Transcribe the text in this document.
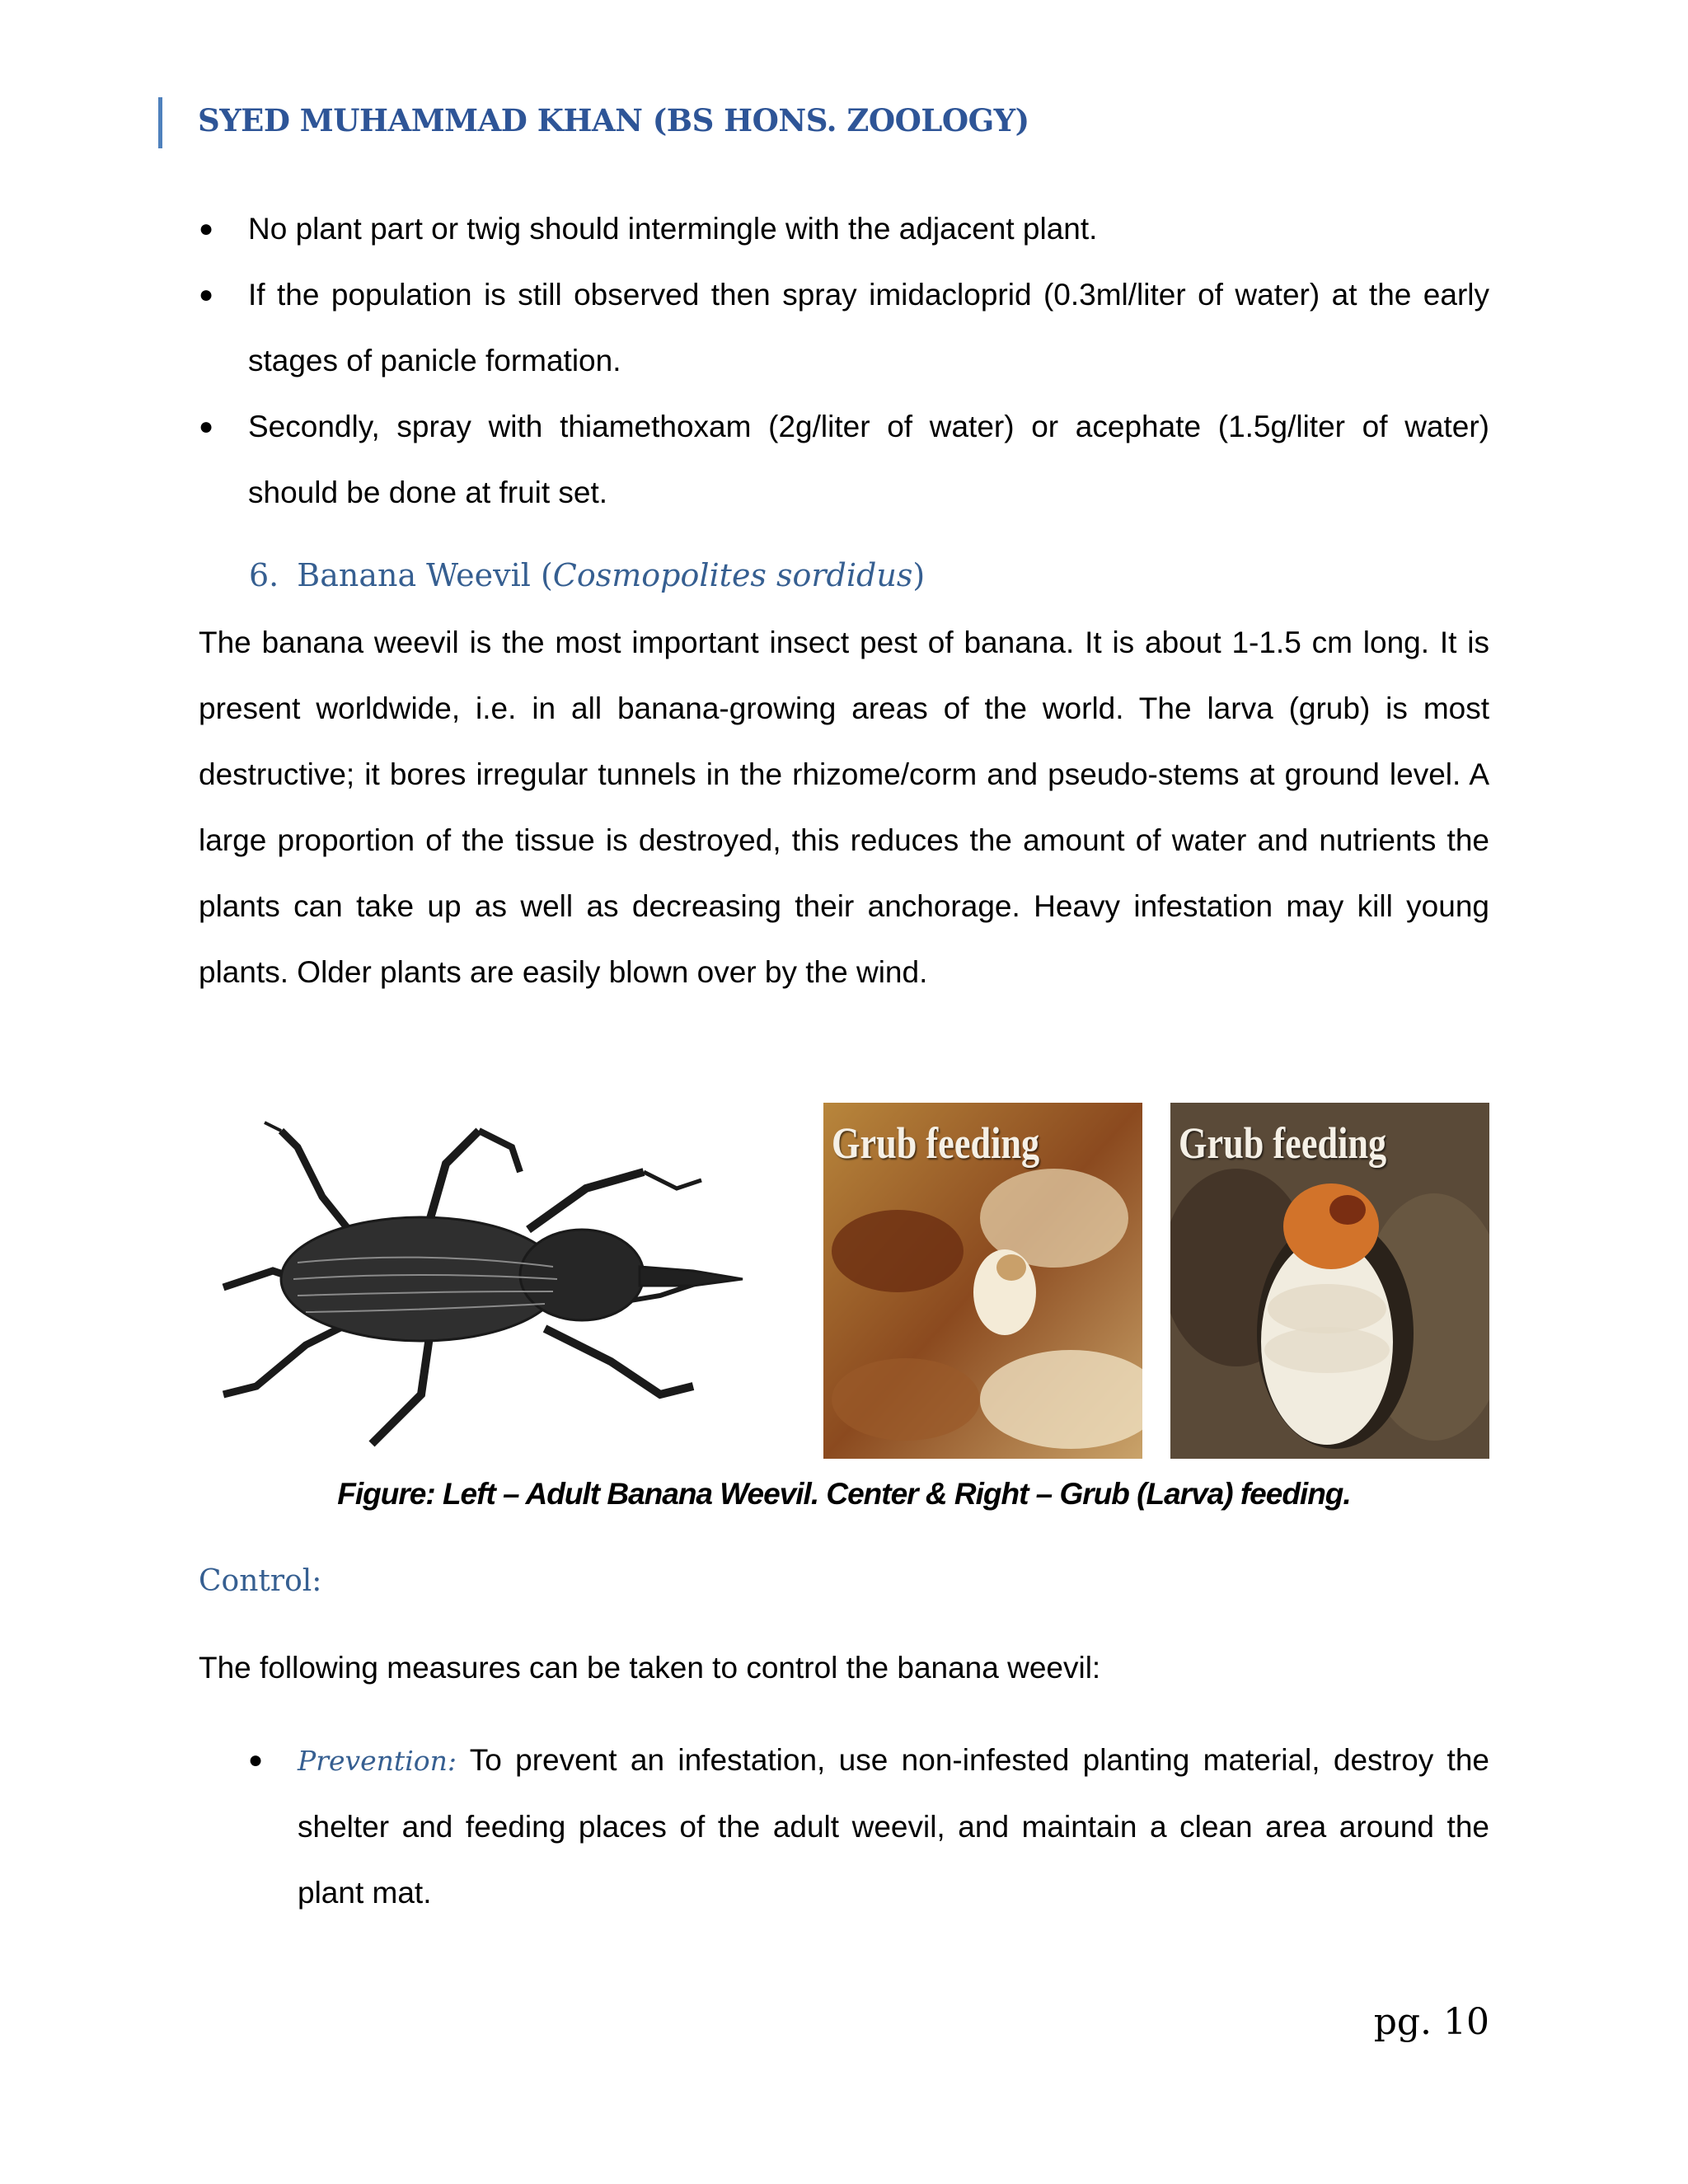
SYED MUHAMMAD KHAN (BS HONS. ZOOLOGY)
● No plant part or twig should intermingle with the adjacent plant.
● If the population is still observed then spray imidacloprid (0.3ml/liter of water) at the early stages of panicle formation.
● Secondly, spray with thiamethoxam (2g/liter of water) or acephate (1.5g/liter of water) should be done at fruit set.
6. Banana Weevil (Cosmopolites sordidus)

The banana weevil is the most important insect pest of banana. It is about 1-1.5 cm long. It is present worldwide, i.e. in all banana-growing areas of the world. The larva (grub) is most destructive; it bores irregular tunnels in the rhizome/corm and pseudo-stems at ground level. A large proportion of the tissue is destroyed, this reduces the amount of water and nutrients the plants can take up as well as decreasing their anchorage. Heavy infestation may kill young plants. Older plants are easily blown over by the wind.

Grub feeding	Grub feeding
Figure: Left – Adult Banana Weevil. Center & Right – Grub (Larva) feeding.
Control:

The following measures can be taken to control the banana weevil:

● Prevention: To prevent an infestation, use non-infested planting material, destroy the shelter and feeding places of the adult weevil, and maintain a clean area around the plant mat.
pg. 10
